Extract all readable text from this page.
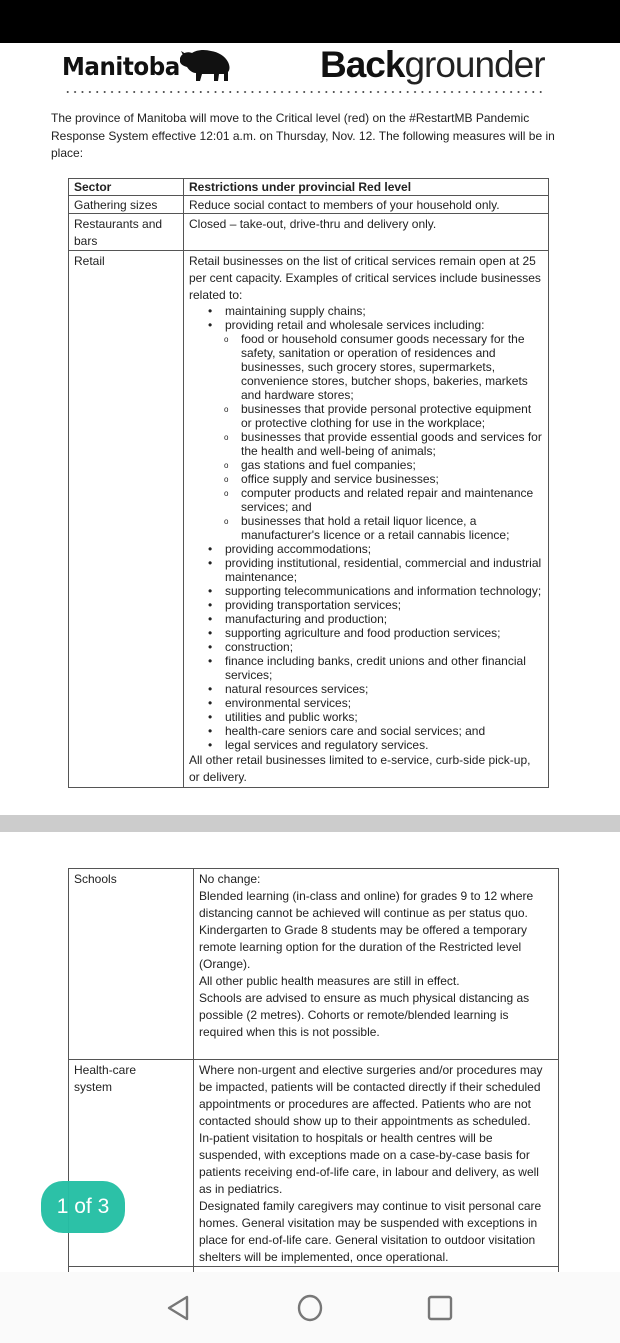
Manitoba	Backgrounder
The province of Manitoba will move to the Critical level (red) on the #RestartMB Pandemic Response System effective 12:01 a.m. on Thursday, Nov. 12. The following measures will be in place:
Sector	Restrictions under provincial Red level
Gathering sizes	Reduce social contact to members of your household only.
Restaurants and bars	Closed – take-out, drive-thru and delivery only.
Retail	Retail businesses on the list of critical services remain open at 25 per cent capacity. Examples of critical services include businesses related to:
• maintaining supply chains;
• providing retail and wholesale services including:
o food or household consumer goods necessary for the safety, sanitation or operation of residences and businesses, such grocery stores, supermarkets, convenience stores, butcher shops, bakeries, markets and hardware stores;
o businesses that provide personal protective equipment or protective clothing for use in the workplace;
o businesses that provide essential goods and services for the health and well-being of animals;
o gas stations and fuel companies;
o office supply and service businesses;
o computer products and related repair and maintenance services; and
o businesses that hold a retail liquor licence, a manufacturer's licence or a retail cannabis licence;
• providing accommodations;
• providing institutional, residential, commercial and industrial maintenance;
• supporting telecommunications and information technology;
• providing transportation services;
• manufacturing and production;
• supporting agriculture and food production services;
• construction;
• finance including banks, credit unions and other financial services;
• natural resources services;
• environmental services;
• utilities and public works;
• health-care seniors care and social services; and
• legal services and regulatory services.
All other retail businesses limited to e-service, curb-side pick-up, or delivery.
Schools	No change:
Blended learning (in-class and online) for grades 9 to 12 where distancing cannot be achieved will continue as per status quo.
Kindergarten to Grade 8 students may be offered a temporary remote learning option for the duration of the Restricted level (Orange).
All other public health measures are still in effect.
Schools are advised to ensure as much physical distancing as possible (2 metres). Cohorts or remote/blended learning is required when this is not possible.

Health-care system	Where non-urgent and elective surgeries and/or procedures may be impacted, patients will be contacted directly if their scheduled appointments or procedures are affected. Patients who are not contacted should show up to their appointments as scheduled.
In-patient visitation to hospitals or health centres will be suspended, with exceptions made on a case-by-case basis for patients receiving end-of-life care, in labour and delivery, as well as in pediatrics.
Designated family caregivers may continue to visit personal care homes. General visitation may be suspended with exceptions in place for end-of-life care. General visitation to outdoor visitation shelters will be implemented, once operational.

1 of 3
